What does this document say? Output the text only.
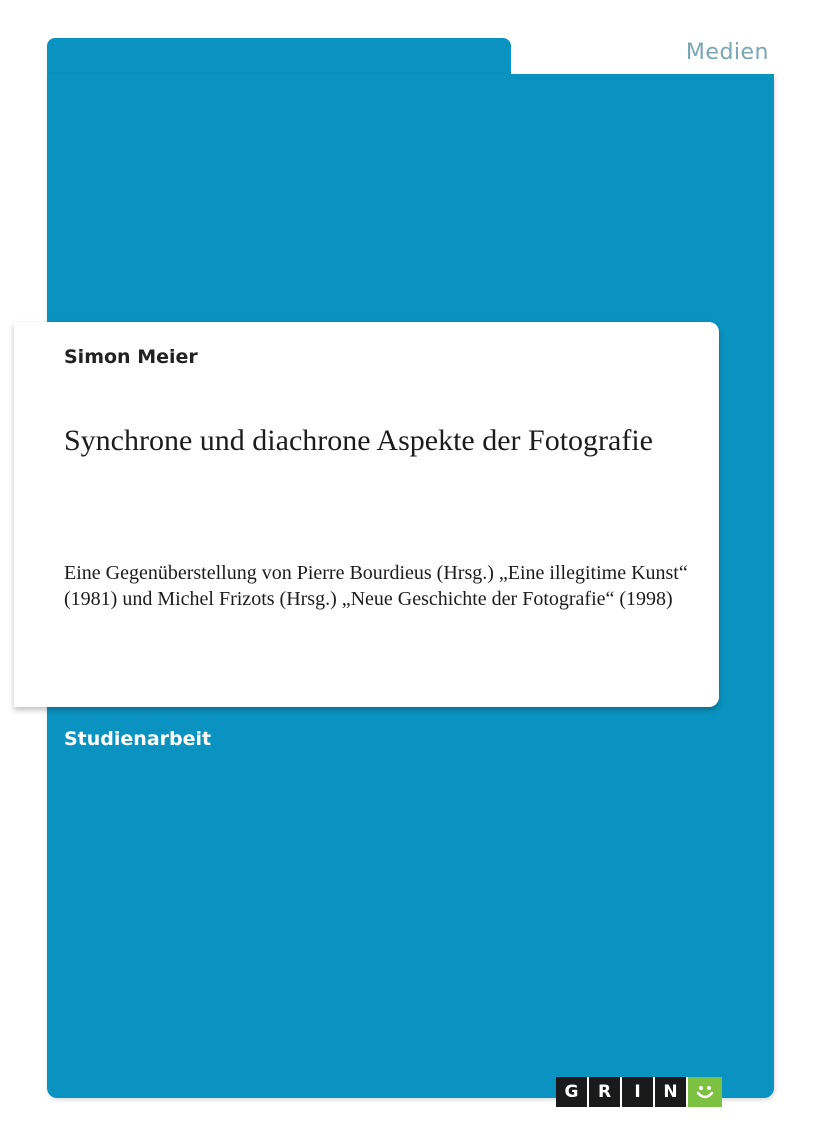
Medien
Simon Meier
Synchrone und diachrone Aspekte der Fotografie
Eine Gegenüberstellung von Pierre Bourdieus (Hrsg.) „Eine illegitime Kunst“ (1981) und Michel Frizots (Hrsg.) „Neue Geschichte der Fotografie“ (1998)
Studienarbeit
G	R	I	N
